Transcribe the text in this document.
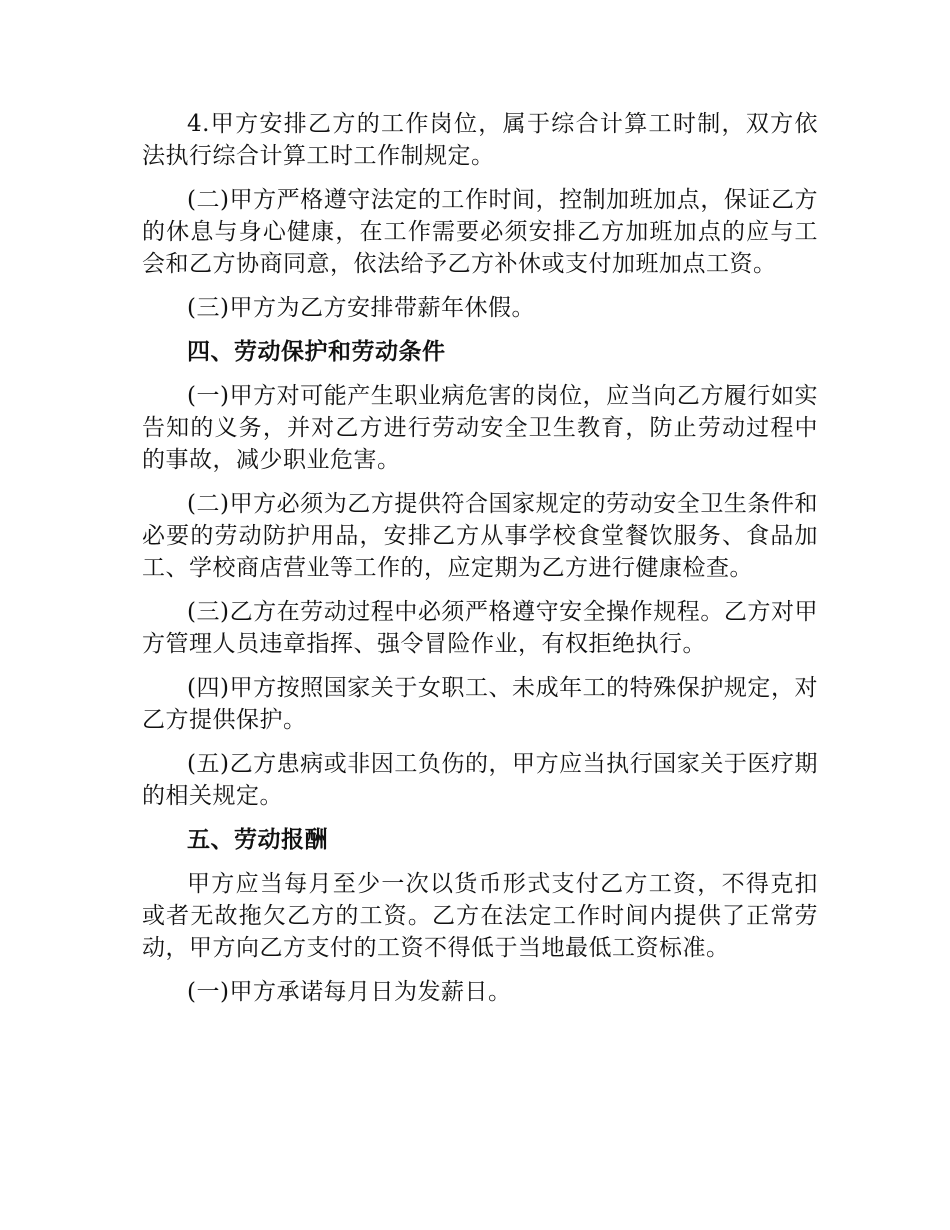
4.甲方安排乙方的工作岗位，属于综合计算工时制，双方依法执行综合计算工时工作制规定。

(二)甲方严格遵守法定的工作时间，控制加班加点，保证乙方的休息与身心健康，在工作需要必须安排乙方加班加点的应与工会和乙方协商同意，依法给予乙方补休或支付加班加点工资。

(三)甲方为乙方安排带薪年休假。

四、劳动保护和劳动条件

(一)甲方对可能产生职业病危害的岗位，应当向乙方履行如实告知的义务，并对乙方进行劳动安全卫生教育，防止劳动过程中的事故，减少职业危害。

(二)甲方必须为乙方提供符合国家规定的劳动安全卫生条件和必要的劳动防护用品，安排乙方从事学校食堂餐饮服务、食品加工、学校商店营业等工作的，应定期为乙方进行健康检查。

(三)乙方在劳动过程中必须严格遵守安全操作规程。乙方对甲方管理人员违章指挥、强令冒险作业，有权拒绝执行。

(四)甲方按照国家关于女职工、未成年工的特殊保护规定，对乙方提供保护。

(五)乙方患病或非因工负伤的，甲方应当执行国家关于医疗期的相关规定。

五、劳动报酬

甲方应当每月至少一次以货币形式支付乙方工资，不得克扣或者无故拖欠乙方的工资。乙方在法定工作时间内提供了正常劳动，甲方向乙方支付的工资不得低于当地最低工资标准。

(一)甲方承诺每月日为发薪日。
